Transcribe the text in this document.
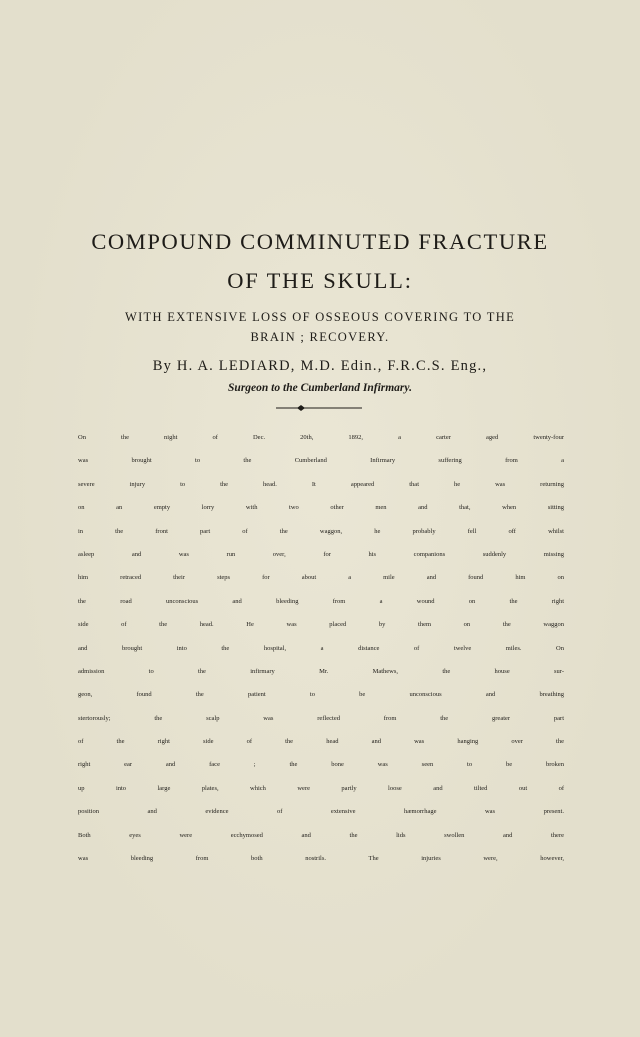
COMPOUND COMMINUTED FRACTURE
OF THE SKULL:
WITH EXTENSIVE LOSS OF OSSEOUS COVERING TO THE
BRAIN ; RECOVERY.
By H. A. LEDIARD, M.D. Edin., F.R.C.S. Eng.,
Surgeon to the Cumberland Infirmary.
On the night of Dec. 20th, 1892, a carter aged twenty-four
was brought to the Cumberland Infirmary suffering from a
severe injury to the head. It appeared that he was returning
on an empty lorry with two other men and that, when sitting
in the front part of the waggon, he probably fell off whilst
asleep and was run over, for his companions suddenly missing
him retraced their steps for about a mile and found him on
the road unconscious and bleeding from a wound on the right
side of the head. He was placed by them on the waggon
and brought into the hospital, a distance of twelve miles. On
admission to the infirmary Mr. Mathews, the house sur-
geon, found the patient to be unconscious and breathing
stertorously; the scalp was reflected from the greater part
of the right side of the head and was hanging over the
right ear and face ; the bone was seen to be broken
up into large plates, which were partly loose and tilted out of
position and evidence of extensive hæmorrhage was present.
Both eyes were ecchymosed and the lids swollen and there
was bleeding from both nostrils. The injuries were, however,
